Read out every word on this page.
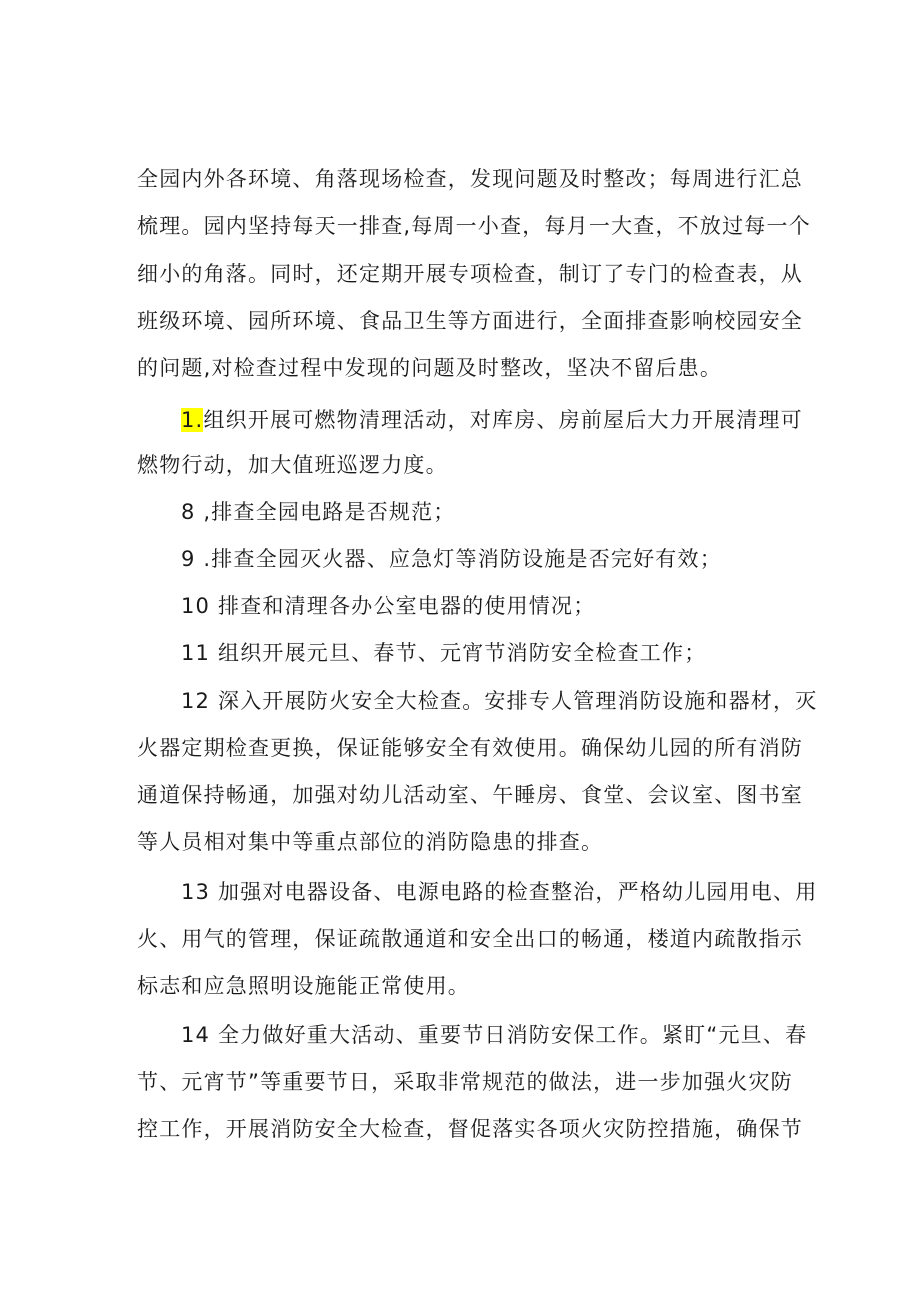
全园内外各环境、角落现场检查，发现问题及时整改；每周进行汇总
梳理。园内坚持每天一排查,每周一小查，每月一大查，不放过每一个
细小的角落。同时，还定期开展专项检查，制订了专门的检查表，从
班级环境、园所环境、食品卫生等方面进行，全面排查影响校园安全
的问题,对检查过程中发现的问题及时整改，坚决不留后患。
1.组织开展可燃物清理活动，对库房、房前屋后大力开展清理可
燃物行动，加大值班巡逻力度。
8 ,排查全园电路是否规范；
9 .排查全园灭火器、应急灯等消防设施是否完好有效；
10 排查和清理各办公室电器的使用情况；
11 组织开展元旦、春节、元宵节消防安全检查工作；
12 深入开展防火安全大检查。安排专人管理消防设施和器材，灭
火器定期检查更换，保证能够安全有效使用。确保幼儿园的所有消防
通道保持畅通，加强对幼儿活动室、午睡房、食堂、会议室、图书室
等人员相对集中等重点部位的消防隐患的排查。
13 加强对电器设备、电源电路的检查整治，严格幼儿园用电、用
火、用气的管理，保证疏散通道和安全出口的畅通，楼道内疏散指示
标志和应急照明设施能正常使用。
14 全力做好重大活动、重要节日消防安保工作。紧盯“元旦、春
节、元宵节”等重要节日，采取非常规范的做法，进一步加强火灾防
控工作，开展消防安全大检查，督促落实各项火灾防控措施，确保节
